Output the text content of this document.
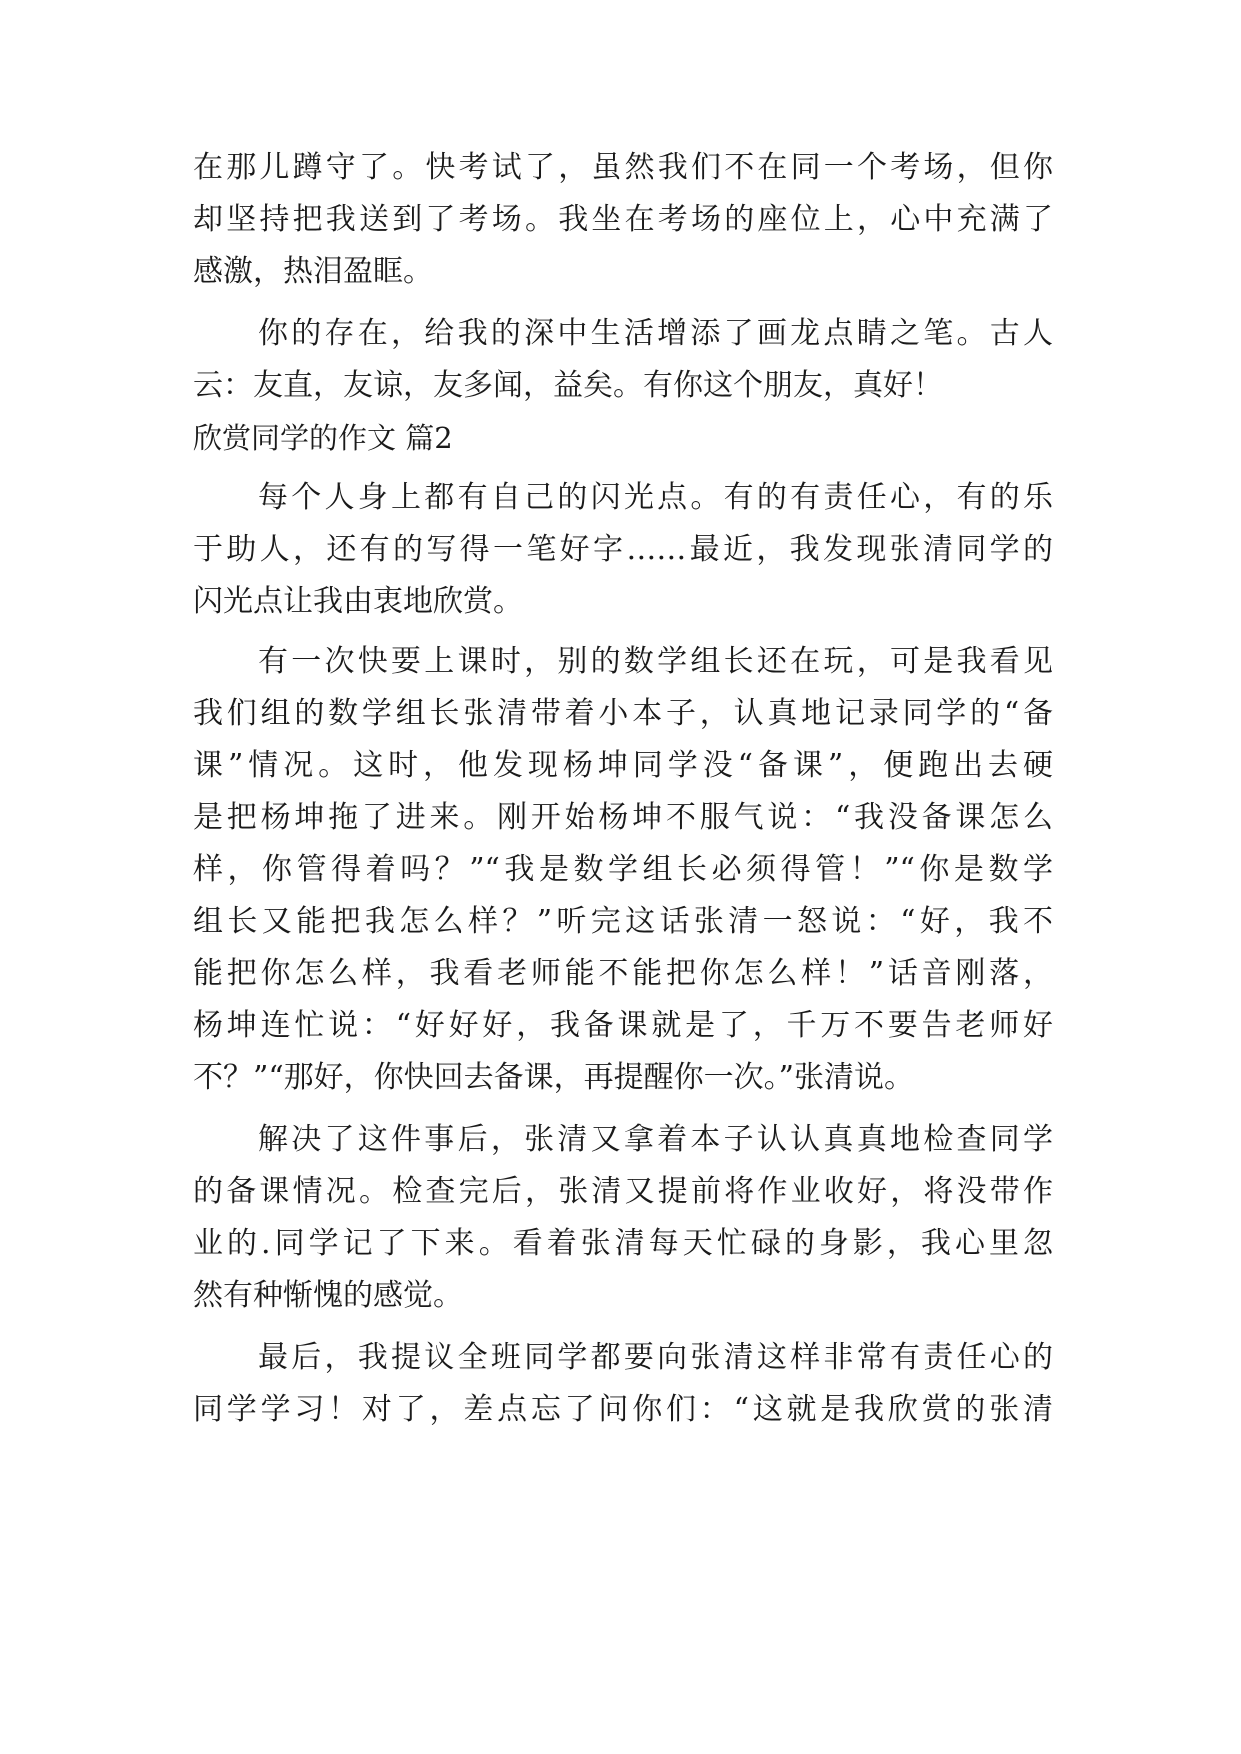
在那儿蹲守了。快考试了，虽然我们不在同一个考场，但你
却坚持把我送到了考场。我坐在考场的座位上，心中充满了
感激，热泪盈眶。
你的存在，给我的深中生活增添了画龙点睛之笔。古人
云：友直，友谅，友多闻，益矣。有你这个朋友，真好！
欣赏同学的作文 篇2
每个人身上都有自己的闪光点。有的有责任心，有的乐
于助人，还有的写得一笔好字……最近，我发现张清同学的
闪光点让我由衷地欣赏。
有一次快要上课时，别的数学组长还在玩，可是我看见
我们组的数学组长张清带着小本子，认真地记录同学的“备
课”情况。这时，他发现杨坤同学没“备课”，便跑出去硬
是把杨坤拖了进来。刚开始杨坤不服气说：“我没备课怎么
样，你管得着吗？”“我是数学组长必须得管！”“你是数学
组长又能把我怎么样？”听完这话张清一怒说：“好，我不
能把你怎么样，我看老师能不能把你怎么样！”话音刚落，
杨坤连忙说：“好好好，我备课就是了，千万不要告老师好
不？”“那好，你快回去备课，再提醒你一次。”张清说。
解决了这件事后，张清又拿着本子认认真真地检查同学
的备课情况。检查完后，张清又提前将作业收好，将没带作
业的.同学记了下来。看着张清每天忙碌的身影，我心里忽
然有种惭愧的感觉。
最后，我提议全班同学都要向张清这样非常有责任心的
同学学习！对了，差点忘了问你们：“这就是我欣赏的张清
